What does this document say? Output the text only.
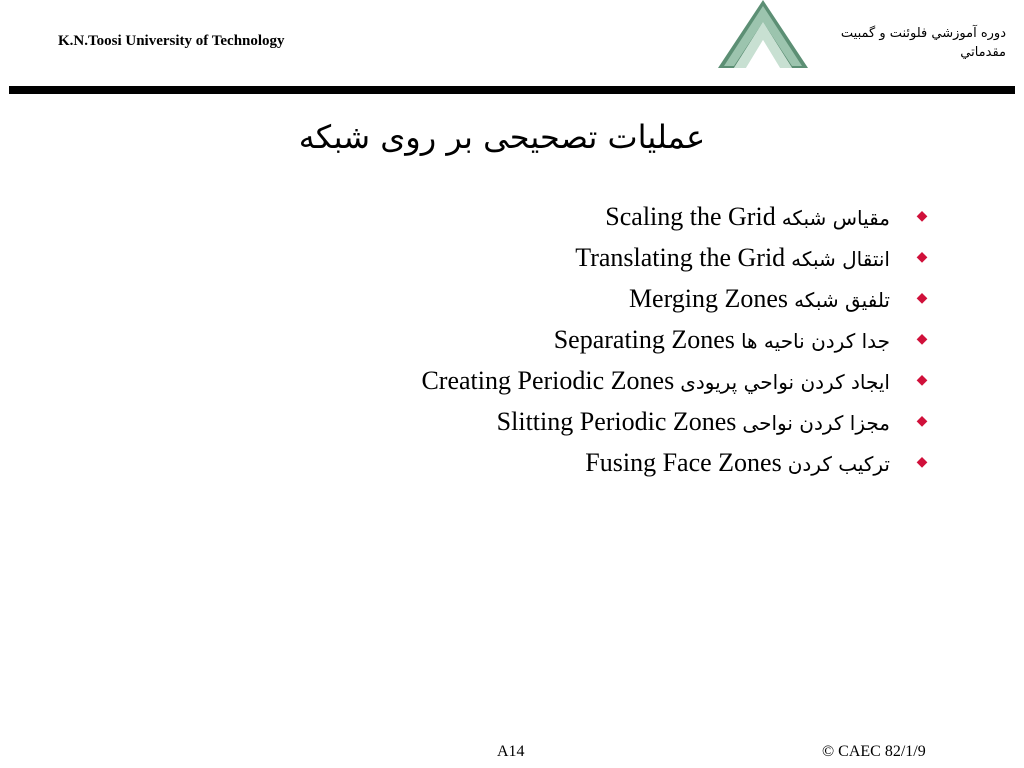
K.N.Toosi University of Technology	دوره آموزشي فلوئنت و گمبيت
مقدماتي
عملیات تصحیحی بر روی شبکه
Scaling the Grid مقیاس شبکه	◆
Translating the Grid انتقال شبکه	◆
Merging Zones تلفیق شبکه	◆
Separating Zones جدا کردن ناحیه ها	◆
Creating Periodic Zones ایجاد کردن نواحي پريودی	◆
Slitting Periodic Zones مجزا کردن نواحی	◆
Fusing Face Zones ترکیب کردن	◆
A14	© CAEC 82/1/9
